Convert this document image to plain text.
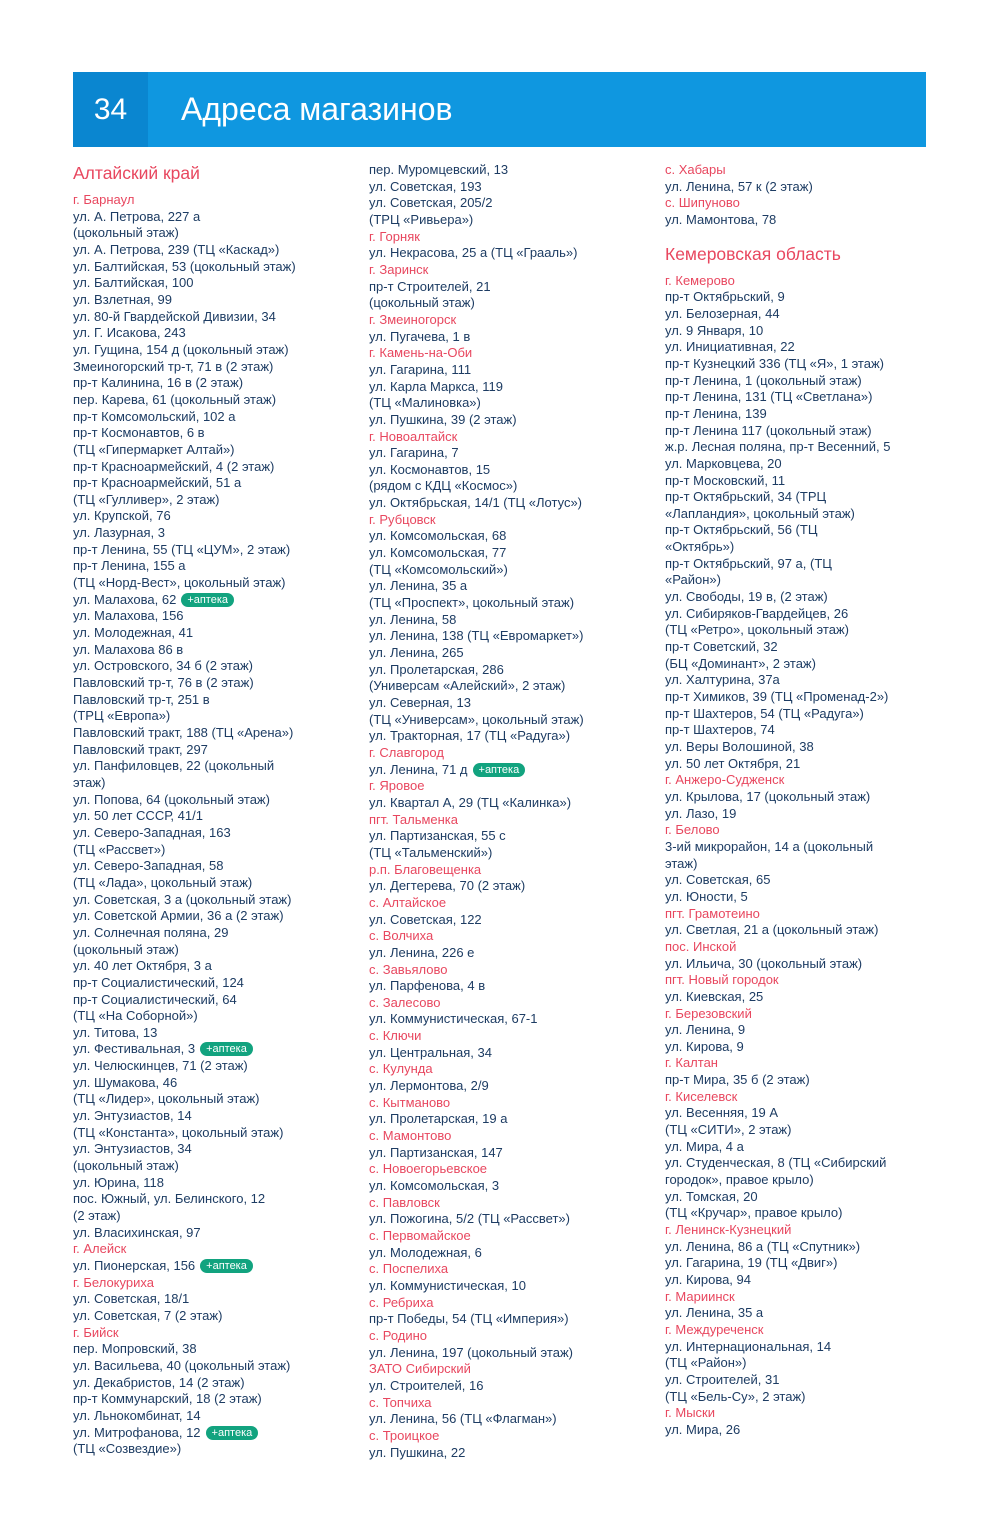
34	Адреса магазинов
Алтайский край
г. Барнаул
ул. А. Петрова, 227 а
(цокольный этаж)
ул. А. Петрова, 239 (ТЦ «Каскад»)
ул. Балтийская, 53 (цокольный этаж)
ул. Балтийская, 100
ул. Взлетная, 99
ул. 80-й Гвардейской Дивизии, 34
ул. Г. Исакова, 243
ул. Гущина, 154 д (цокольный этаж)
Змеиногорский тр-т, 71 в (2 этаж)
пр-т Калинина, 16 в (2 этаж)
пер. Карева, 61 (цокольный этаж)
пр-т Комсомольский, 102 а
пр-т Космонавтов, 6 в
(ТЦ «Гипермаркет Алтай»)
пр-т Красноармейский, 4 (2 этаж)
пр-т Красноармейский, 51 а
(ТЦ «Гулливер», 2 этаж)
ул. Крупской, 76
ул. Лазурная, 3
пр-т Ленина, 55 (ТЦ «ЦУМ», 2 этаж)
пр-т Ленина, 155 а
(ТЦ «Норд-Вест», цокольный этаж)
ул. Малахова, 62 +аптека
ул. Малахова, 156
ул. Молодежная, 41
ул. Малахова 86 в
ул. Островского, 34 б (2 этаж)
Павловский тр-т, 76 в (2 этаж)
Павловский тр-т, 251 в
(ТРЦ «Европа»)
Павловский тракт, 188 (ТЦ «Арена»)
Павловский тракт, 297
ул. Панфиловцев, 22 (цокольный
этаж)
ул. Попова, 64 (цокольный этаж)
ул. 50 лет СССР, 41/1
ул. Северо-Западная, 163
(ТЦ «Рассвет»)
ул. Северо-Западная, 58
(ТЦ «Лада», цокольный этаж)
ул. Советская, 3 а (цокольный этаж)
ул. Советской Армии, 36 а (2 этаж)
ул. Солнечная поляна, 29
(цокольный этаж)
ул. 40 лет Октября, 3 а
пр-т Социалистический, 124
пр-т Социалистический, 64
(ТЦ «На Соборной»)
ул. Титова, 13
ул. Фестивальная, 3 +аптека
ул. Челюскинцев, 71 (2 этаж)
ул. Шумакова, 46
(ТЦ «Лидер», цокольный этаж)
ул. Энтузиастов, 14
(ТЦ «Константа», цокольный этаж)
ул. Энтузиастов, 34
(цокольный этаж)
ул. Юрина, 118
пос. Южный, ул. Белинского, 12
(2 этаж)
ул. Власихинская, 97
г. Алейск
ул. Пионерская, 156 +аптека
г. Белокуриха
ул. Советская, 18/1
ул. Советская, 7 (2 этаж)
г. Бийск
пер. Мопровский, 38
ул. Васильева, 40 (цокольный этаж)
ул. Декабристов, 14 (2 этаж)
пр-т Коммунарский, 18 (2 этаж)
ул. Льнокомбинат, 14
ул. Митрофанова, 12 +аптека
(ТЦ «Созвездие»)
пер. Муромцевский, 13
ул. Советская, 193
ул. Советская, 205/2
(ТРЦ «Ривьера»)
г. Горняк
ул. Некрасова, 25 а (ТЦ «Грааль»)
г. Заринск
пр-т Строителей, 21
(цокольный этаж)
г. Змеиногорск
ул. Пугачева, 1 в
г. Камень-на-Оби
ул. Гагарина, 111
ул. Карла Маркса, 119
(ТЦ «Малиновка»)
ул. Пушкина, 39 (2 этаж)
г. Новоалтайск
ул. Гагарина, 7
ул. Космонавтов, 15
(рядом с КДЦ «Космос»)
ул. Октябрьская, 14/1 (ТЦ «Лотус»)
г. Рубцовск
ул. Комсомольская, 68
ул. Комсомольская, 77
(ТЦ «Комсомольский»)
ул. Ленина, 35 а
(ТЦ «Проспект», цокольный этаж)
ул. Ленина, 58
ул. Ленина, 138 (ТЦ «Евромаркет»)
ул. Ленина, 265
ул. Пролетарская, 286
(Универсам «Алейский», 2 этаж)
ул. Северная, 13
(ТЦ «Универсам», цокольный этаж)
ул. Тракторная, 17 (ТЦ «Радуга»)
г. Славгород
ул. Ленина, 71 д +аптека
г. Яровое
ул. Квартал А, 29 (ТЦ «Калинка»)
пгт. Тальменка
ул. Партизанская, 55 с
(ТЦ «Тальменский»)
р.п. Благовещенка
ул. Дегтерева, 70 (2 этаж)
с. Алтайское
ул. Советская, 122
с. Волчиха
ул. Ленина, 226 е
с. Завьялово
ул. Парфенова, 4 в
с. Залесово
ул. Коммунистическая, 67-1
с. Ключи
ул. Центральная, 34
с. Кулунда
ул. Лермонтова, 2/9
с. Кытманово
ул. Пролетарская, 19 а
с. Мамонтово
ул. Партизанская, 147
с. Новоегорьевское
ул. Комсомольская, 3
с. Павловск
ул. Пожогина, 5/2 (ТЦ «Рассвет»)
с. Первомайское
ул. Молодежная, 6
с. Поспелиха
ул. Коммунистическая, 10
с. Ребриха
пр-т Победы, 54 (ТЦ «Империя»)
с. Родино
ул. Ленина, 197 (цокольный этаж)
ЗАТО Сибирский
ул. Строителей, 16
с. Топчиха
ул. Ленина, 56 (ТЦ «Флагман»)
с. Троицкое
ул. Пушкина, 22
с. Хабары
ул. Ленина, 57 к (2 этаж)
с. Шипуново
ул. Мамонтова, 78
Кемеровская область
г. Кемерово
пр-т Октябрьский, 9
ул. Белозерная, 44
ул. 9 Января, 10
ул. Инициативная, 22
пр-т Кузнецкий 336 (ТЦ «Я», 1 этаж)
пр-т Ленина, 1 (цокольный этаж)
пр-т Ленина, 131 (ТЦ «Светлана»)
пр-т Ленина, 139
пр-т Ленина 117 (цокольный этаж)
ж.р. Лесная поляна, пр-т Весенний, 5
ул. Марковцева, 20
пр-т Московский, 11
пр-т Октябрьский, 34 (ТРЦ
«Лапландия», цокольный этаж)
пр-т Октябрьский, 56 (ТЦ
«Октябрь»)
пр-т Октябрьский, 97 а, (ТЦ
«Район»)
ул. Свободы, 19 в, (2 этаж)
ул. Сибиряков-Гвардейцев, 26
(ТЦ «Ретро», цокольный этаж)
пр-т Советский, 32
(БЦ «Доминант», 2 этаж)
ул. Халтурина, 37а
пр-т Химиков, 39 (ТЦ «Променад-2»)
пр-т Шахтеров, 54 (ТЦ «Радуга»)
пр-т Шахтеров, 74
ул. Веры Волошиной, 38
ул. 50 лет Октября, 21
г. Анжеро-Судженск
ул. Крылова, 17 (цокольный этаж)
ул. Лазо, 19
г. Белово
3-ий микрорайон, 14 а (цокольный
этаж)
ул. Советская, 65
ул. Юности, 5
пгт. Грамотеино
ул. Светлая, 21 а (цокольный этаж)
пос. Инской
ул. Ильича, 30 (цокольный этаж)
пгт. Новый городок
ул. Киевская, 25
г. Березовский
ул. Ленина, 9
ул. Кирова, 9
г. Калтан
пр-т Мира, 35 б (2 этаж)
г. Киселевск
ул. Весенняя, 19 А
(ТЦ «СИТИ», 2 этаж)
ул. Мира, 4 а
ул. Студенческая, 8 (ТЦ «Сибирский
городок», правое крыло)
ул. Томская, 20
(ТЦ «Кручар», правое крыло)
г. Ленинск-Кузнецкий
ул. Ленина, 86 а (ТЦ «Спутник»)
ул. Гагарина, 19 (ТЦ «Двиг»)
ул. Кирова, 94
г. Мариинск
ул. Ленина, 35 а
г. Междуреченск
ул. Интернациональная, 14
(ТЦ «Район»)
ул. Строителей, 31
(ТЦ «Бель-Су», 2 этаж)
г. Мыски
ул. Мира, 26
